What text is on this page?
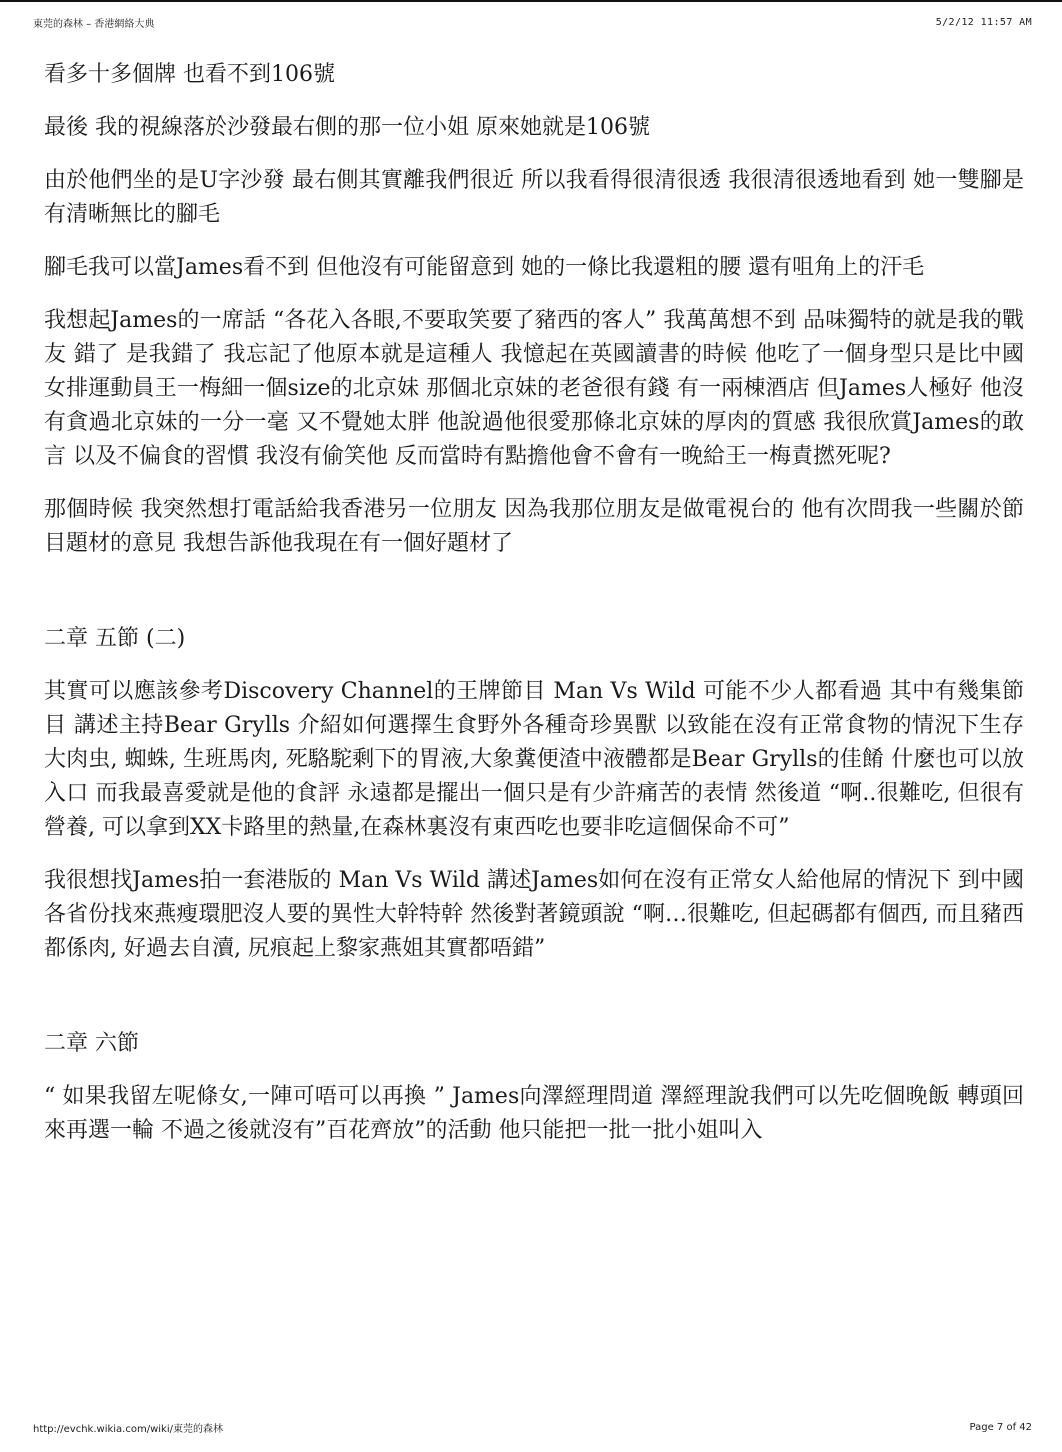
東莞的森林 – 香港網絡大典	5/2/12 11:57 AM

看多十多個牌 也看不到106號

最後 我的視線落於沙發最右側的那一位小姐 原來她就是106號

由於他們坐的是U字沙發 最右側其實離我們很近 所以我看得很清很透 我很清很透地看到 她一雙腳是有清晰無比的腳毛

腳毛我可以當James看不到 但他沒有可能留意到 她的一條比我還粗的腰 還有咀角上的汗毛

我想起James的一席話 “各花入各眼,不要取笑要了豬西的客人” 我萬萬想不到 品味獨特的就是我的戰友 錯了 是我錯了 我忘記了他原本就是這種人 我憶起在英國讀書的時候 他吃了一個身型只是比中國女排運動員王一梅細一個size的北京妹 那個北京妹的老爸很有錢 有一兩棟酒店 但James人極好 他沒有貪過北京妹的一分一毫 又不覺她太胖 他說過他很愛那條北京妹的厚肉的質感 我很欣賞James的敢言 以及不偏食的習慣 我沒有偷笑他 反而當時有點擔他會不會有一晚給王一梅責撚死呢?

那個時候 我突然想打電話給我香港另一位朋友 因為我那位朋友是做電視台的 他有次問我一些關於節目題材的意見 我想告訴他我現在有一個好題材了

二章 五節 (二)

其實可以應該參考Discovery Channel的王牌節目 Man Vs Wild 可能不少人都看過 其中有幾集節目 講述主持Bear Grylls 介紹如何選擇生食野外各種奇珍異獸 以致能在沒有正常食物的情況下生存 大肉虫, 蜘蛛, 生班馬肉, 死駱駝剩下的胃液,大象糞便渣中液體都是Bear Grylls的佳餚 什麼也可以放入口 而我最喜愛就是他的食評 永遠都是擺出一個只是有少許痛苦的表情 然後道 “啊..很難吃, 但很有營養, 可以拿到XX卡路里的熱量,在森林裏沒有東西吃也要非吃這個保命不可”

我很想找James拍一套港版的 Man Vs Wild 講述James如何在沒有正常女人給他屌的情況下 到中國各省份找來燕瘦環肥沒人要的異性大幹特幹 然後對著鏡頭說 “啊…很難吃, 但起碼都有個西, 而且豬西都係肉, 好過去自瀆, 尻痕起上黎家燕姐其實都唔錯”

二章 六節

“ 如果我留左呢條女,一陣可唔可以再換 ” James向澤經理問道 澤經理說我們可以先吃個晚飯 轉頭回來再選一輪 不過之後就沒有”百花齊放”的活動 他只能把一批一批小姐叫入

http://evchk.wikia.com/wiki/東莞的森林	Page 7 of 42
